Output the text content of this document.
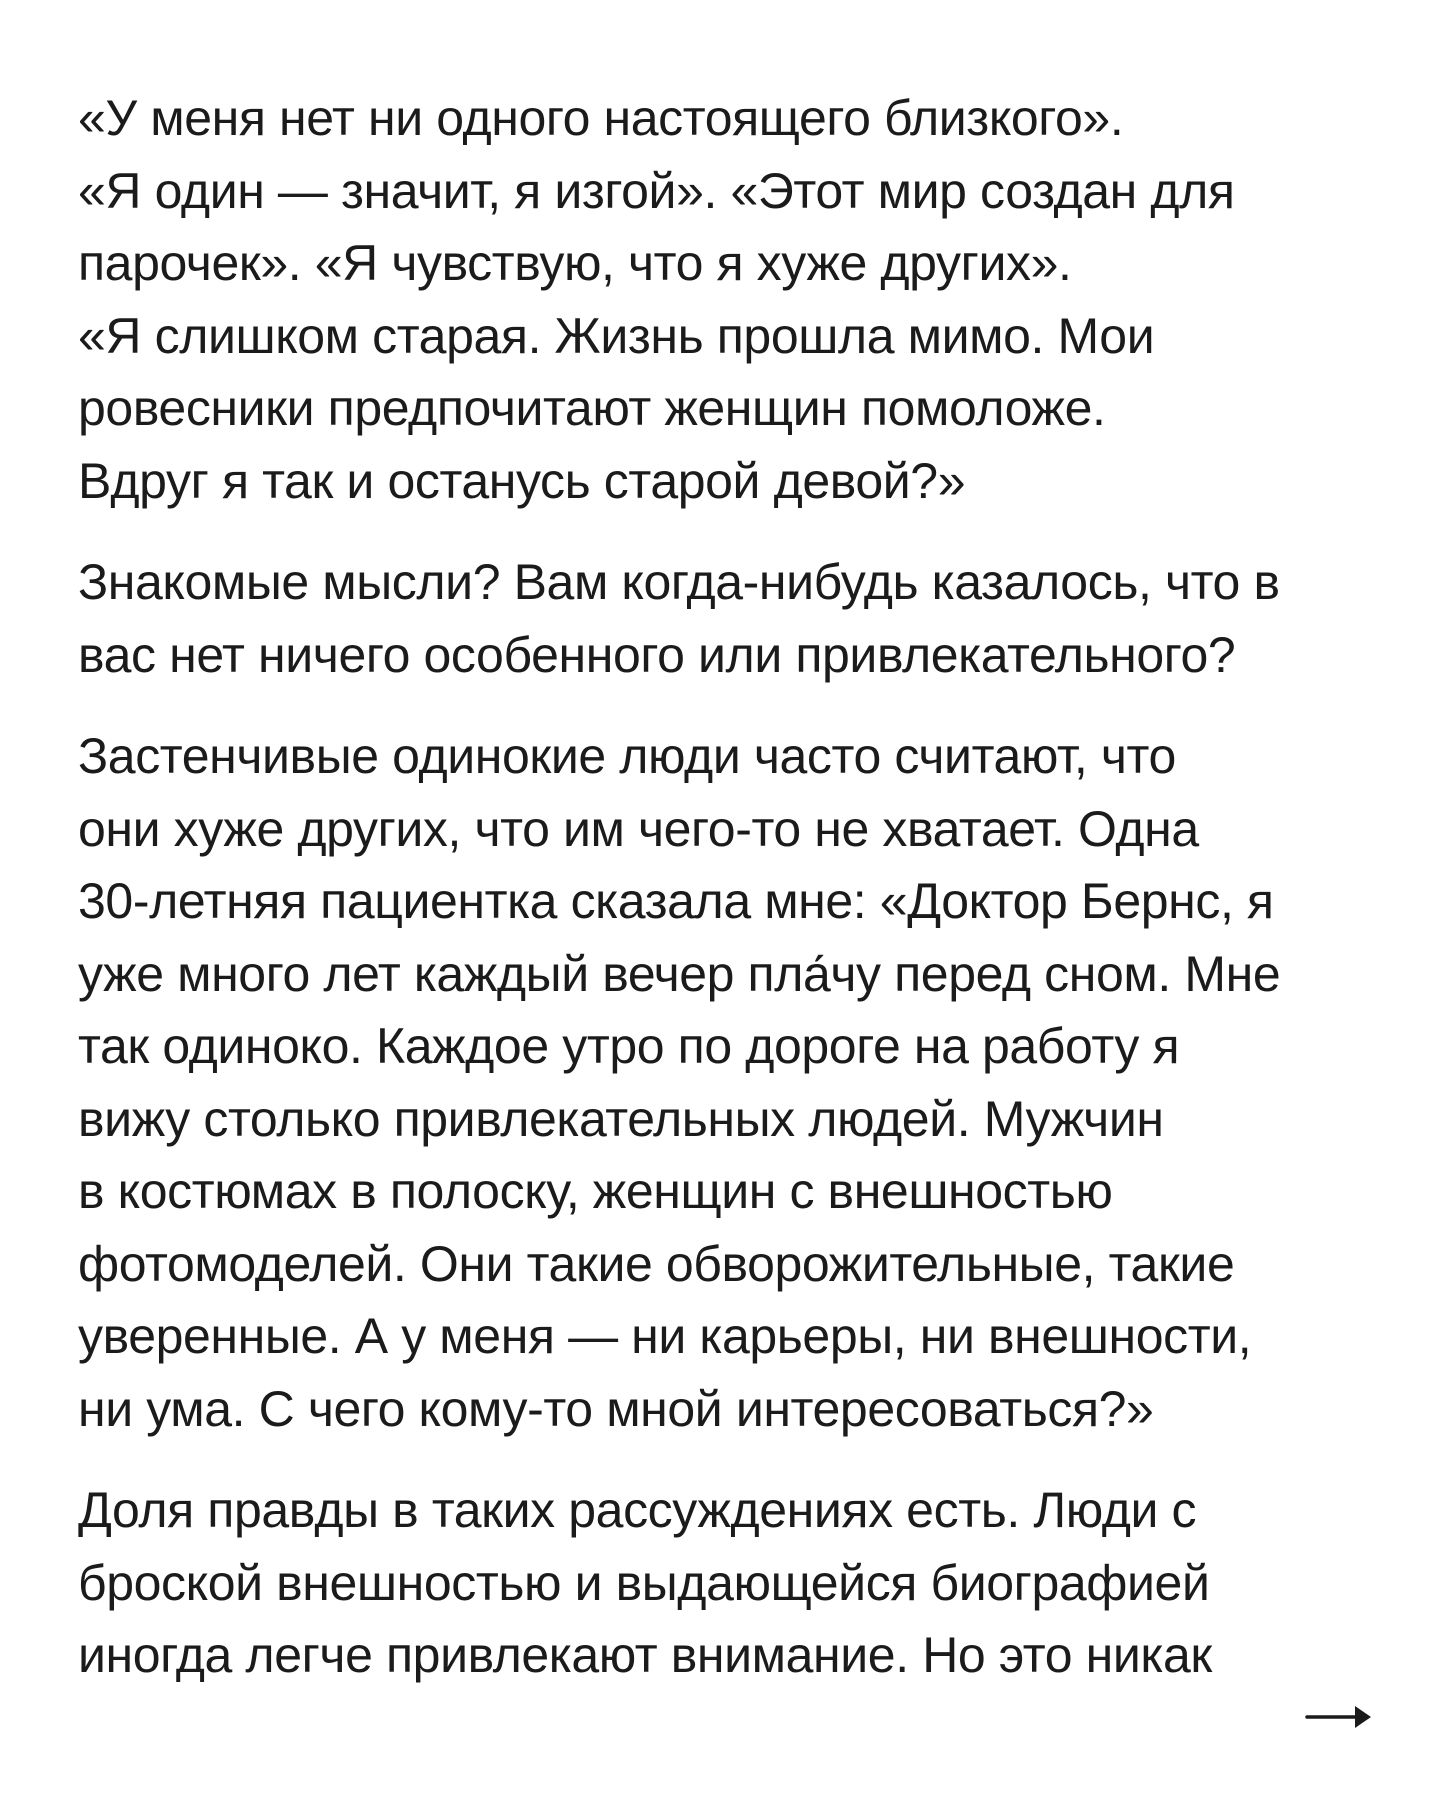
«У меня нет ни одного настоящего близкого».
«Я один — значит, я изгой». «Этот мир создан для
парочек». «Я чувствую, что я хуже других».
«Я слишком старая. Жизнь прошла мимо. Мои
ровесники предпочитают женщин помоложе.
Вдруг я так и останусь старой девой?»
Знакомые мысли? Вам когда-нибудь казалось, что в
вас нет ничего особенного или привлекательного?
Застенчивые одинокие люди часто считают, что
они хуже других, что им чего-то не хватает. Одна
30-летняя пациентка сказала мне: «Доктор Бернс, я
уже много лет каждый вечер пла́чу перед сном. Мне
так одиноко. Каждое утро по дороге на работу я
вижу столько привлекательных людей. Мужчин
в костюмах в полоску, женщин с внешностью
фотомоделей. Они такие обворожительные, такие
уверенные. А у меня — ни карьеры, ни внешности,
ни ума. С чего кому-то мной интересоваться?»
Доля правды в таких рассуждениях есть. Люди с
броской внешностью и выдающейся биографией
иногда легче привлекают внимание. Но это никак
